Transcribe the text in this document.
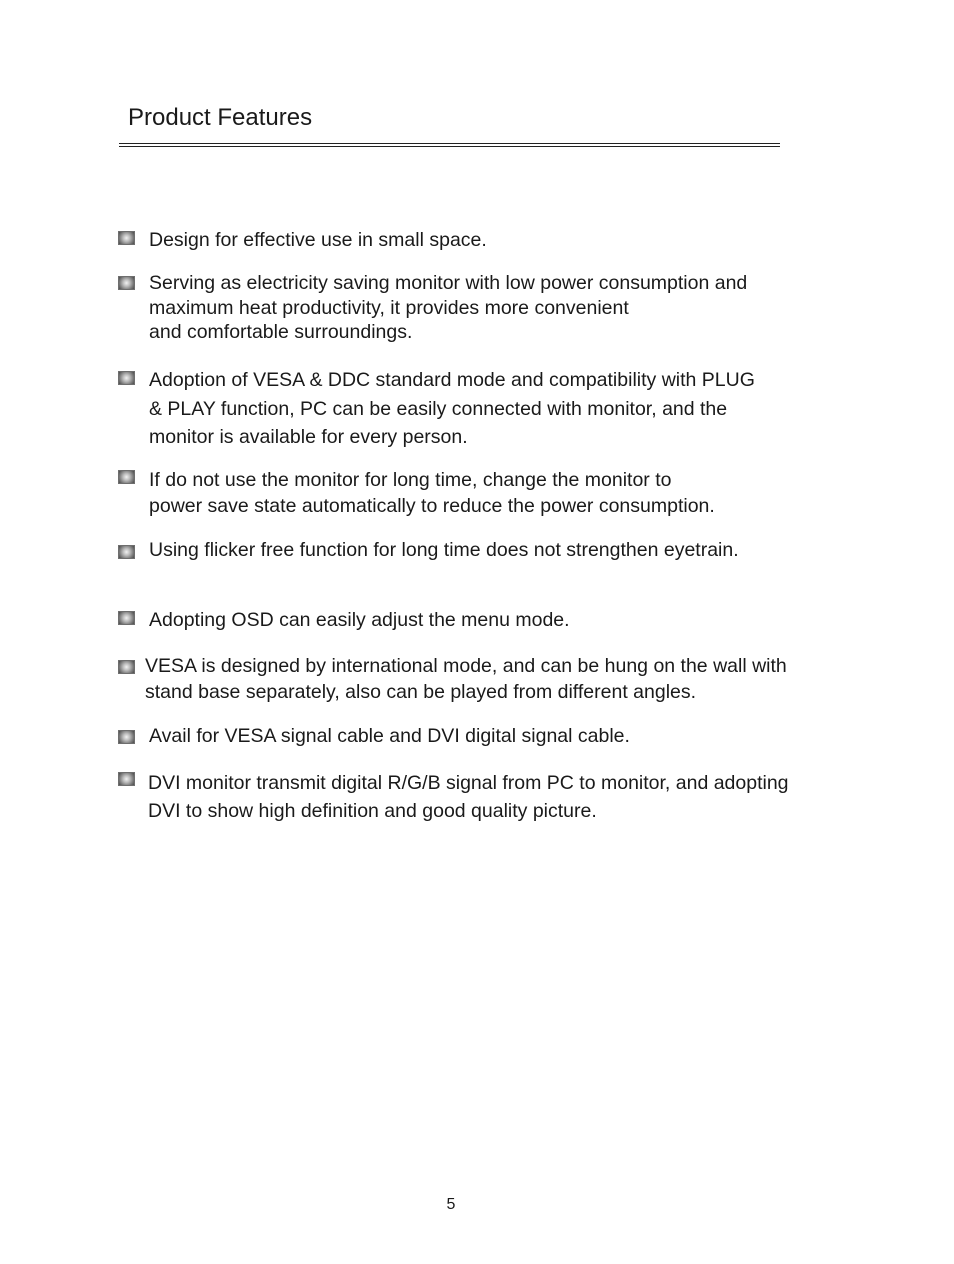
Product Features
Design for effective use in small space.
Serving as electricity saving monitor with low power consumption and
maximum heat productivity, it provides more convenient
and comfortable surroundings.
Adoption of VESA & DDC standard mode and compatibility with PLUG
& PLAY function, PC can be easily connected with monitor, and the
monitor is available for every person.
If do not use the monitor for long time, change the monitor to
power save state automatically to reduce the power consumption.
Using flicker free function for long time does not strengthen eyetrain.
Adopting OSD can easily adjust the menu mode.
VESA is designed by international mode, and can be hung on the wall with
stand base separately, also can be played from different angles.
Avail for VESA signal cable and DVI digital signal cable.
DVI monitor transmit digital R/G/B signal from PC to monitor, and adopting
DVI to show high definition and good quality picture.
5
